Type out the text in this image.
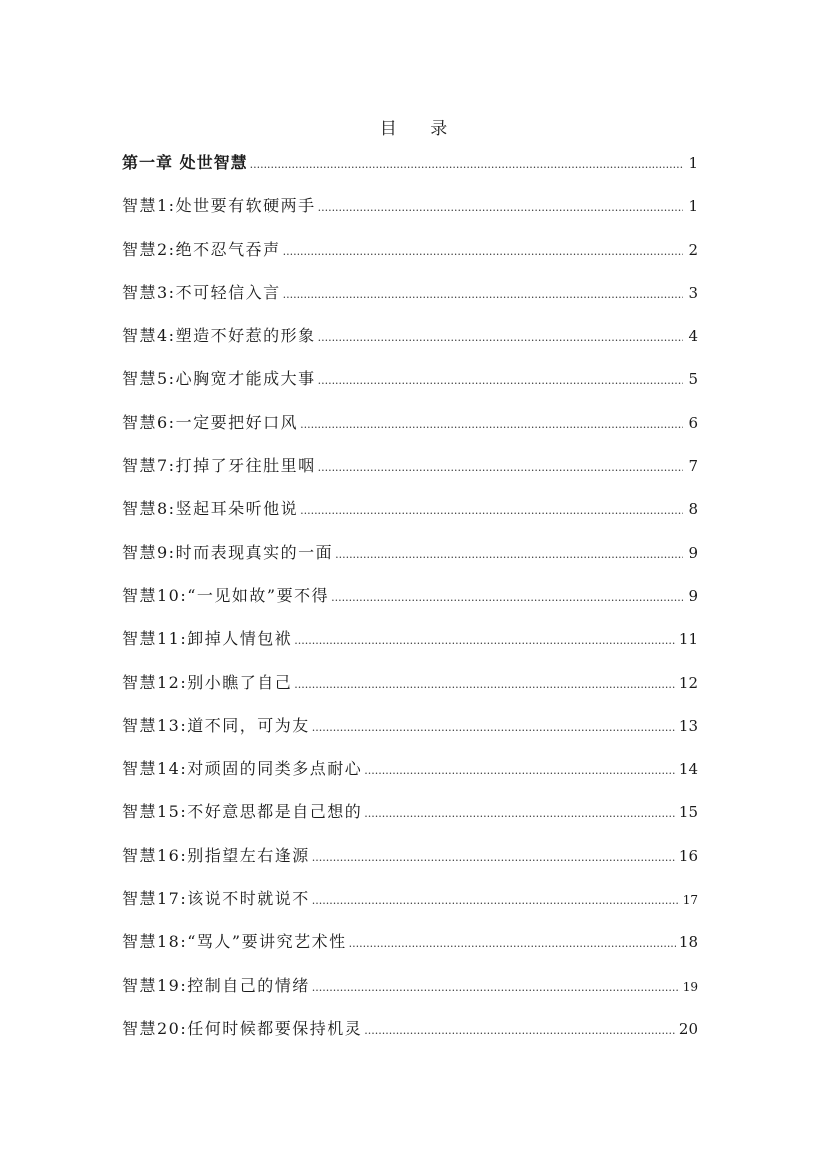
目 录
第一章 处世智慧 .....	1
智慧1:处世要有软硬两手 .....	1
智慧2:绝不忍气吞声 .....	2
智慧3:不可轻信入言 .....	3
智慧4:塑造不好惹的形象 .....	4
智慧5:心胸宽才能成大事 .....	5
智慧6:一定要把好口风 .....	6
智慧7:打掉了牙往肚里咽 .....	7
智慧8:竖起耳朵听他说 .....	8
智慧9:时而表现真实的一面 .....	9
智慧10:“一见如故”要不得 .....	9
智慧11:卸掉人情包袱 .....	11
智慧12:别小瞧了自己 .....	12
智慧13:道不同，可为友 .....	13
智慧14:对顽固的同类多点耐心 .....	14
智慧15:不好意思都是自己想的 .....	15
智慧16:别指望左右逢源 .....	16
智慧17:该说不时就说不 .....	17
智慧18:“骂人”要讲究艺术性 .....	18
智慧19:控制自己的情绪 .....	19
智慧20:任何时候都要保持机灵 .....	20
